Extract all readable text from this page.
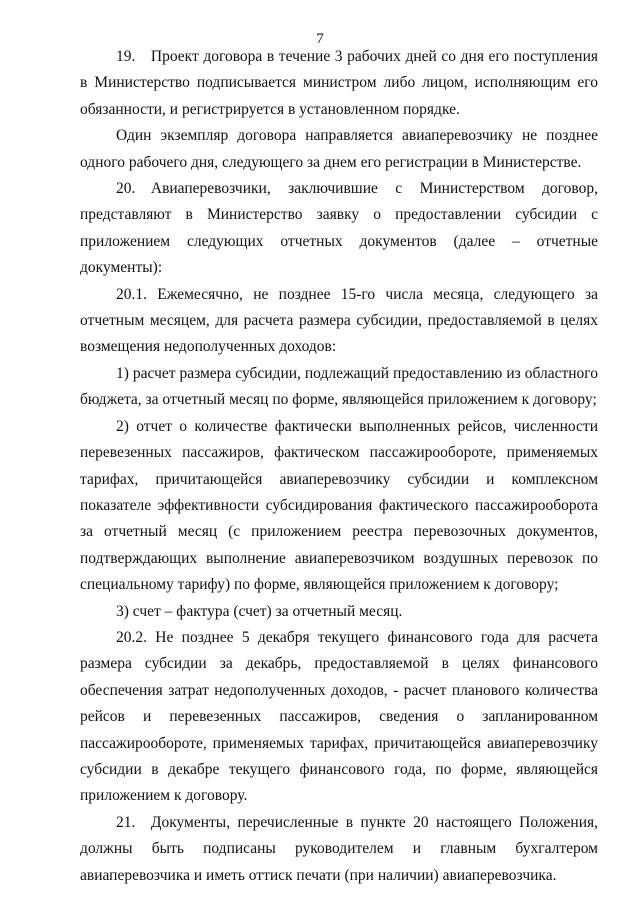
7

19. Проект договора в течение 3 рабочих дней со дня его поступления в Министерство подписывается министром либо лицом, исполняющим его обязанности, и регистрируется в установленном порядке.

Один экземпляр договора направляется авиаперевозчику не позднее одного рабочего дня, следующего за днем его регистрации в Министерстве.

20. Авиаперевозчики, заключившие с Министерством договор, представляют в Министерство заявку о предоставлении субсидии с приложением следующих отчетных документов (далее – отчетные документы):

20.1. Ежемесячно, не позднее 15-го числа месяца, следующего за отчетным месяцем, для расчета размера субсидии, предоставляемой в целях возмещения недополученных доходов:

1) расчет размера субсидии, подлежащий предоставлению из областного бюджета, за отчетный месяц по форме, являющейся приложением к договору;

2) отчет о количестве фактически выполненных рейсов, численности перевезенных пассажиров, фактическом пассажирообороте, применяемых тарифах, причитающейся авиаперевозчику субсидии и комплексном показателе эффективности субсидирования фактического пассажирооборота за отчетный месяц (с приложением реестра перевозочных документов, подтверждающих выполнение авиаперевозчиком воздушных перевозок по специальному тарифу) по форме, являющейся приложением к договору;

3) счет – фактура (счет) за отчетный месяц.

20.2. Не позднее 5 декабря текущего финансового года для расчета размера субсидии за декабрь, предоставляемой в целях финансового обеспечения затрат недополученных доходов, - расчет планового количества рейсов и перевезенных пассажиров, сведения о запланированном пассажирообороте, применяемых тарифах, причитающейся авиаперевозчику субсидии в декабре текущего финансового года, по форме, являющейся приложением к договору.

21. Документы, перечисленные в пункте 20 настоящего Положения, должны быть подписаны руководителем и главным бухгалтером авиаперевозчика и иметь оттиск печати (при наличии) авиаперевозчика.
